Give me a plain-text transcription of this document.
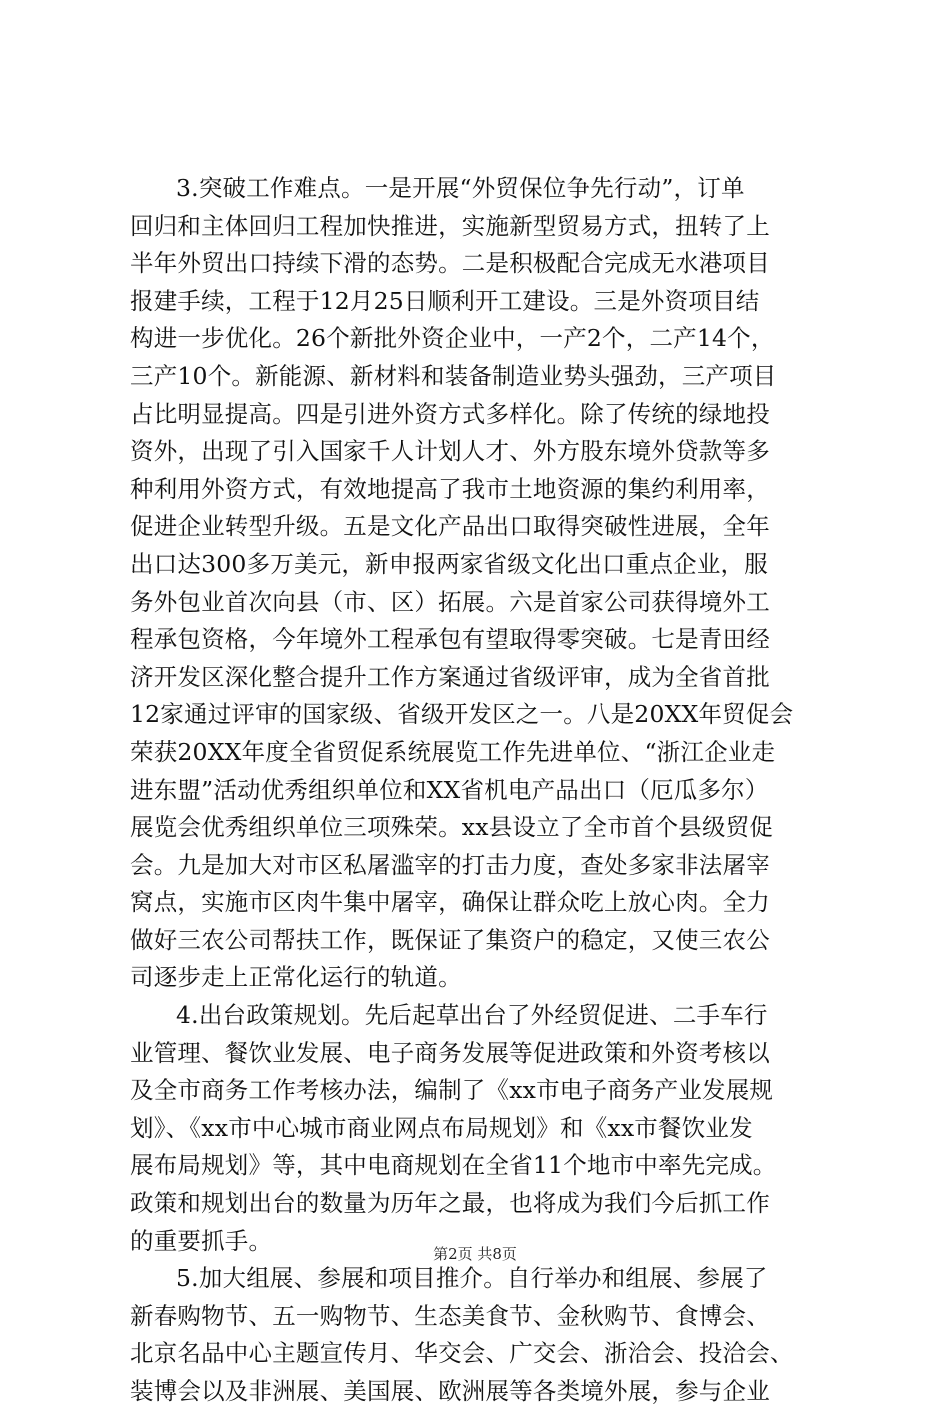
3.突破工作难点。一是开展“外贸保位争先行动”，订单
回归和主体回归工程加快推进，实施新型贸易方式，扭转了上
半年外贸出口持续下滑的态势。二是积极配合完成无水港项目
报建手续，工程于12月25日顺利开工建设。三是外资项目结
构进一步优化。26个新批外资企业中，一产2个，二产14个，
三产10个。新能源、新材料和装备制造业势头强劲，三产项目
占比明显提高。四是引进外资方式多样化。除了传统的绿地投
资外，出现了引入国家千人计划人才、外方股东境外贷款等多
种利用外资方式，有效地提高了我市土地资源的集约利用率，
促进企业转型升级。五是文化产品出口取得突破性进展，全年
出口达300多万美元，新申报两家省级文化出口重点企业，服
务外包业首次向县（市、区）拓展。六是首家公司获得境外工
程承包资格，今年境外工程承包有望取得零突破。七是青田经
济开发区深化整合提升工作方案通过省级评审，成为全省首批
12家通过评审的国家级、省级开发区之一。八是20XX年贸促会
荣获20XX年度全省贸促系统展览工作先进单位、“浙江企业走
进东盟”活动优秀组织单位和XX省机电产品出口（厄瓜多尔）
展览会优秀组织单位三项殊荣。xx县设立了全市首个县级贸促
会。九是加大对市区私屠滥宰的打击力度，查处多家非法屠宰
窝点，实施市区肉牛集中屠宰，确保让群众吃上放心肉。全力
做好三农公司帮扶工作，既保证了集资户的稳定，又使三农公
司逐步走上正常化运行的轨道。
4.出台政策规划。先后起草出台了外经贸促进、二手车行
业管理、餐饮业发展、电子商务发展等促进政策和外资考核以
及全市商务工作考核办法，编制了《xx市电子商务产业发展规
划》、《xx市中心城市商业网点布局规划》和《xx市餐饮业发
展布局规划》等，其中电商规划在全省11个地市中率先完成。
政策和规划出台的数量为历年之最，也将成为我们今后抓工作
的重要抓手。
5.加大组展、参展和项目推介。自行举办和组展、参展了
新春购物节、五一购物节、生态美食节、金秋购节、食博会、
北京名品中心主题宣传月、华交会、广交会、浙洽会、投洽会、
装博会以及非洲展、美国展、欧洲展等各类境外展，参与企业
第2页 共8页
